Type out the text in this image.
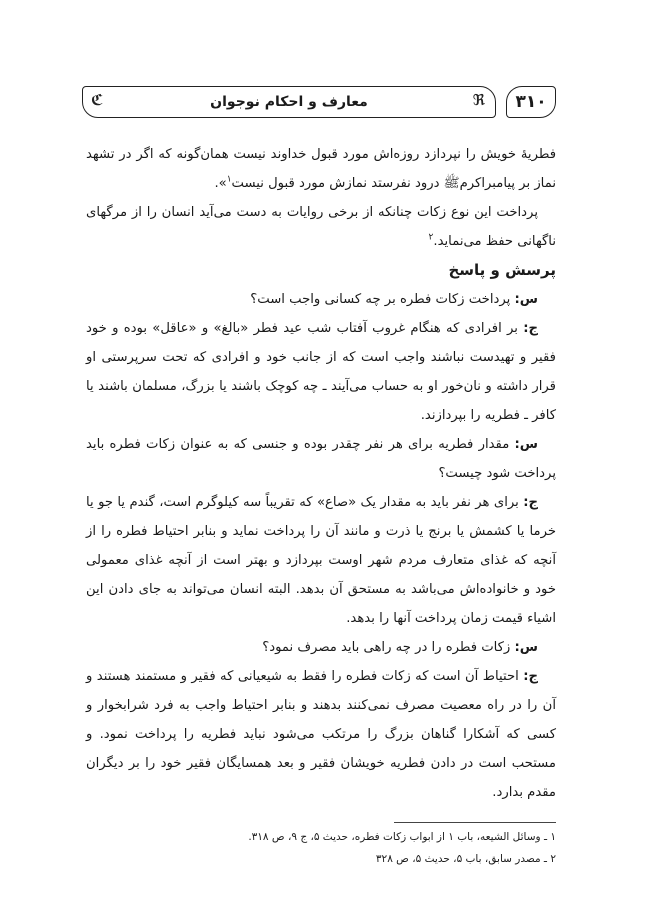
۳۱۰
ℜ
معارف و احکام نوجوان
ℭ

فطریهٔ خویش را نپردازد روزه‌اش مورد قبول خداوند نیست همان‌گونه که اگر در تشهد نماز بر پیامبراکرم‌ﷺ درود نفرستد نمازش مورد قبول نیست$^۱$».

پرداخت این نوع زکات چنانکه از برخی روایات به دست می‌آید انسان را از مرگهای ناگهانی حفظ می‌نماید.$^۲$

پرسش و پاسخ

س: پرداخت زکات فطره بر چه کسانی واجب است؟

ج: بر افرادی که هنگام غروب آفتاب شب عید فطر «بالغ» و «عاقل» بوده و خود فقیر و تهیدست نباشند واجب است که از جانب خود و افرادی که تحت سرپرستی او قرار داشته و نان‌خور او به حساب می‌آیند ـ چه کوچک باشند یا بزرگ، مسلمان باشند یا کافر ـ فطریه را بپردازند.

س: مقدار فطریه برای هر نفر چقدر بوده و جنسی که به عنوان زکات فطره باید پرداخت شود چیست؟

ج: برای هر نفر باید به مقدار یک «صاع» که تقریباً سه کیلوگرم است، گندم یا جو یا خرما یا کشمش یا برنج یا ذرت و مانند آن را پرداخت نماید و بنابر احتیاط فطره را از آنچه که غذای متعارف مردم شهر اوست بپردازد و بهتر است از آنچه غذای معمولی خود و خانواده‌اش می‌باشد به مستحق آن بدهد. البته انسان می‌تواند به جای دادن این اشیاء قیمت زمان پرداخت آنها را بدهد.

س: زکات فطره را در چه راهی باید مصرف نمود؟

ج: احتیاط آن است که زکات فطره را فقط به شیعیانی که فقیر و مستمند هستند و آن را در راه معصیت مصرف نمی‌کنند بدهند و بنابر احتیاط واجب به فرد شرابخوار و کسی که آشکارا گناهان بزرگ را مرتکب می‌شود نباید فطریه را پرداخت نمود. و مستحب است در دادن فطریه خویشان فقیر و بعد همسایگان فقیر خود را بر دیگران مقدم بدارد.

۱ ـ وسائل الشیعه، باب ۱ از ابواب زکات فطره، حدیث ۵، ج ۹، ص ۳۱۸.

۲ ـ مصدر سابق، باب ۵، حدیث ۵، ص ۳۲۸
